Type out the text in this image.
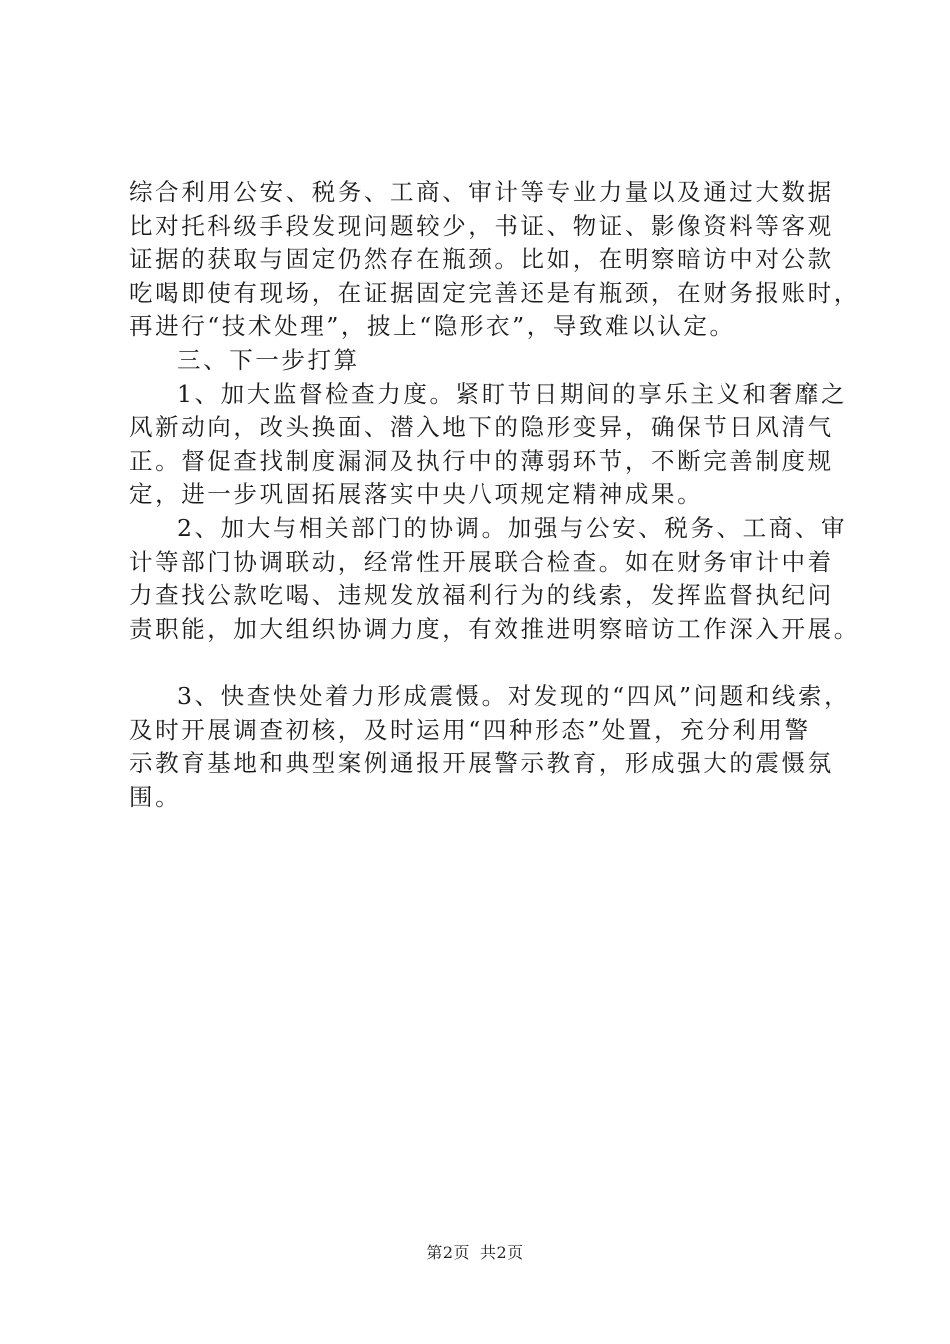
综合利用公安、税务、工商、审计等专业力量以及通过大数据
比对托科级手段发现问题较少，书证、物证、影像资料等客观
证据的获取与固定仍然存在瓶颈。比如，在明察暗访中对公款
吃喝即使有现场，在证据固定完善还是有瓶颈，在财务报账时，
再进行“技术处理”，披上“隐形衣”，导致难以认定。
三、下一步打算
1、加大监督检查力度。紧盯节日期间的享乐主义和奢靡之
风新动向，改头换面、潜入地下的隐形变异，确保节日风清气
正。督促查找制度漏洞及执行中的薄弱环节，不断完善制度规
定，进一步巩固拓展落实中央八项规定精神成果。
2、加大与相关部门的协调。加强与公安、税务、工商、审
计等部门协调联动，经常性开展联合检查。如在财务审计中着
力查找公款吃喝、违规发放福利行为的线索，发挥监督执纪问
责职能，加大组织协调力度，有效推进明察暗访工作深入开展。
3、快查快处着力形成震慑。对发现的“四风”问题和线索，
及时开展调查初核，及时运用“四种形态”处置，充分利用警
示教育基地和典型案例通报开展警示教育，形成强大的震慑氛
围。
第2页 共2页
